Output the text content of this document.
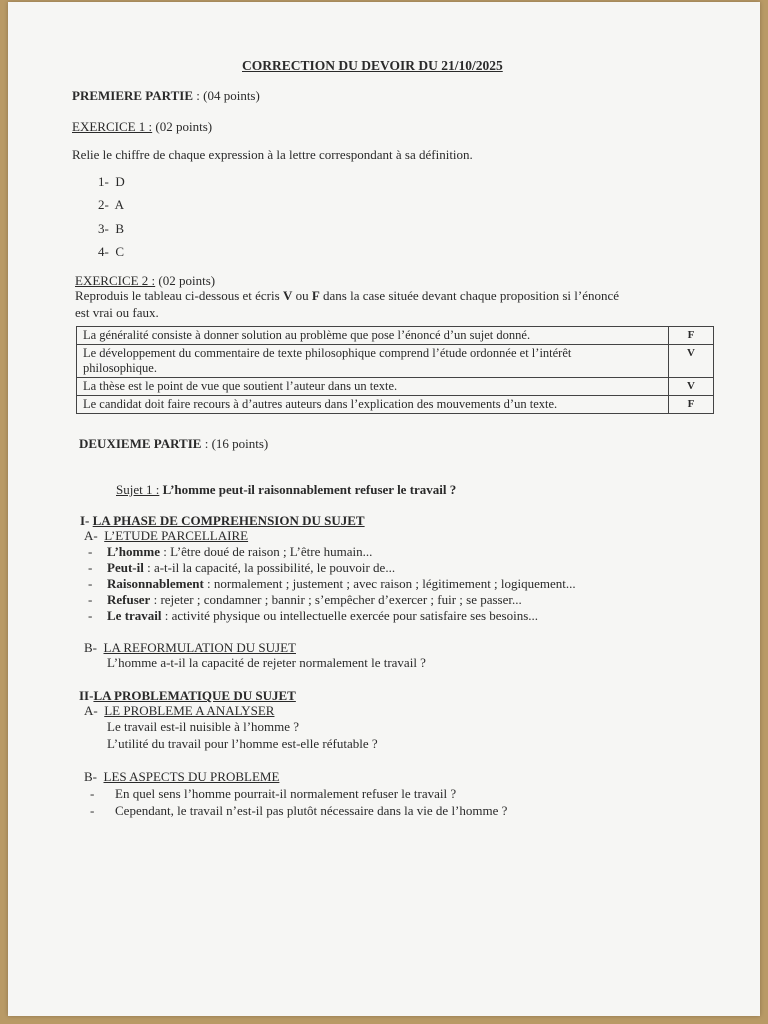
CORRECTION DU DEVOIR DU 21/10/2025
PREMIERE PARTIE : (04 points)
EXERCICE 1 : (02 points)
Relie le chiffre de chaque expression à la lettre correspondant à sa définition.
1- D
2- A
3- B
4- C
EXERCICE 2 : (02 points)
Reproduis le tableau ci-dessous et écris V ou F dans la case située devant chaque proposition si l’énoncé
est vrai ou faux.
La généralité consiste à donner solution au problème que pose l’énoncé d’un sujet donné.	F
Le développement du commentaire de texte philosophique comprend l’étude ordonnée et l’intérêt philosophique.	V
La thèse est le point de vue que soutient l’auteur dans un texte.	V
Le candidat doit faire recours à d’autres auteurs dans l’explication des mouvements d’un texte.	F
DEUXIEME PARTIE : (16 points)
Sujet 1 : L’homme peut-il raisonnablement refuser le travail ?
I- LA PHASE DE COMPREHENSION DU SUJET
A- L’ETUDE PARCELLAIRE
- L’homme : L’être doué de raison ; L’être humain...
- Peut-il : a-t-il la capacité, la possibilité, le pouvoir de...
- Raisonnablement : normalement ; justement ; avec raison ; légitimement ; logiquement...
- Refuser : rejeter ; condamner ; bannir ; s’empêcher d’exercer ; fuir ; se passer...
- Le travail : activité physique ou intellectuelle exercée pour satisfaire ses besoins...
B- LA REFORMULATION DU SUJET
L’homme a-t-il la capacité de rejeter normalement le travail ?
II-LA PROBLEMATIQUE DU SUJET
A- LE PROBLEME A ANALYSER
Le travail est-il nuisible à l’homme ?
L’utilité du travail pour l’homme est-elle réfutable ?
B- LES ASPECTS DU PROBLEME
- En quel sens l’homme pourrait-il normalement refuser le travail ?
- Cependant, le travail n’est-il pas plutôt nécessaire dans la vie de l’homme ?
